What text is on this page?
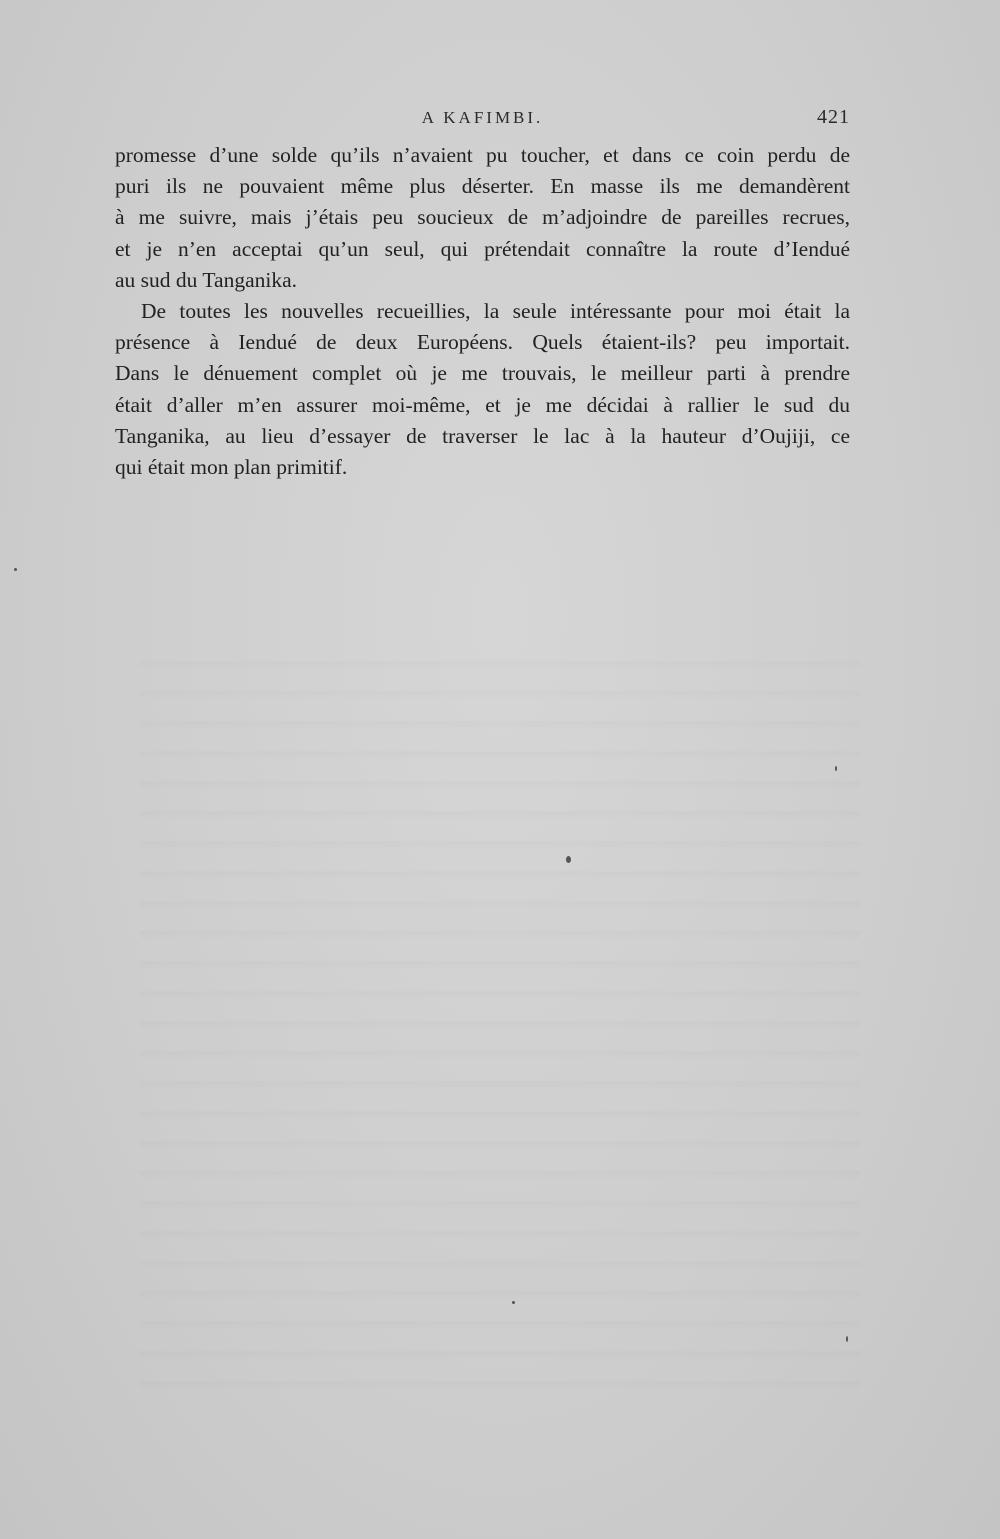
A KAFIMBI.	421
promesse d’une solde qu’ils n’avaient pu toucher, et dans ce coin perdu de
puri ils ne pouvaient même plus déserter. En masse ils me demandèrent
à me suivre, mais j’étais peu soucieux de m’adjoindre de pareilles recrues,
et je n’en acceptai qu’un seul, qui prétendait connaître la route d’Iendué
au sud du Tanganika.
De toutes les nouvelles recueillies, la seule intéressante pour moi était la
présence à Iendué de deux Européens. Quels étaient-ils? peu importait.
Dans le dénuement complet où je me trouvais, le meilleur parti à prendre
était d’aller m’en assurer moi-même, et je me décidai à rallier le sud du
Tanganika, au lieu d’essayer de traverser le lac à la hauteur d’Oujiji, ce
qui était mon plan primitif.
